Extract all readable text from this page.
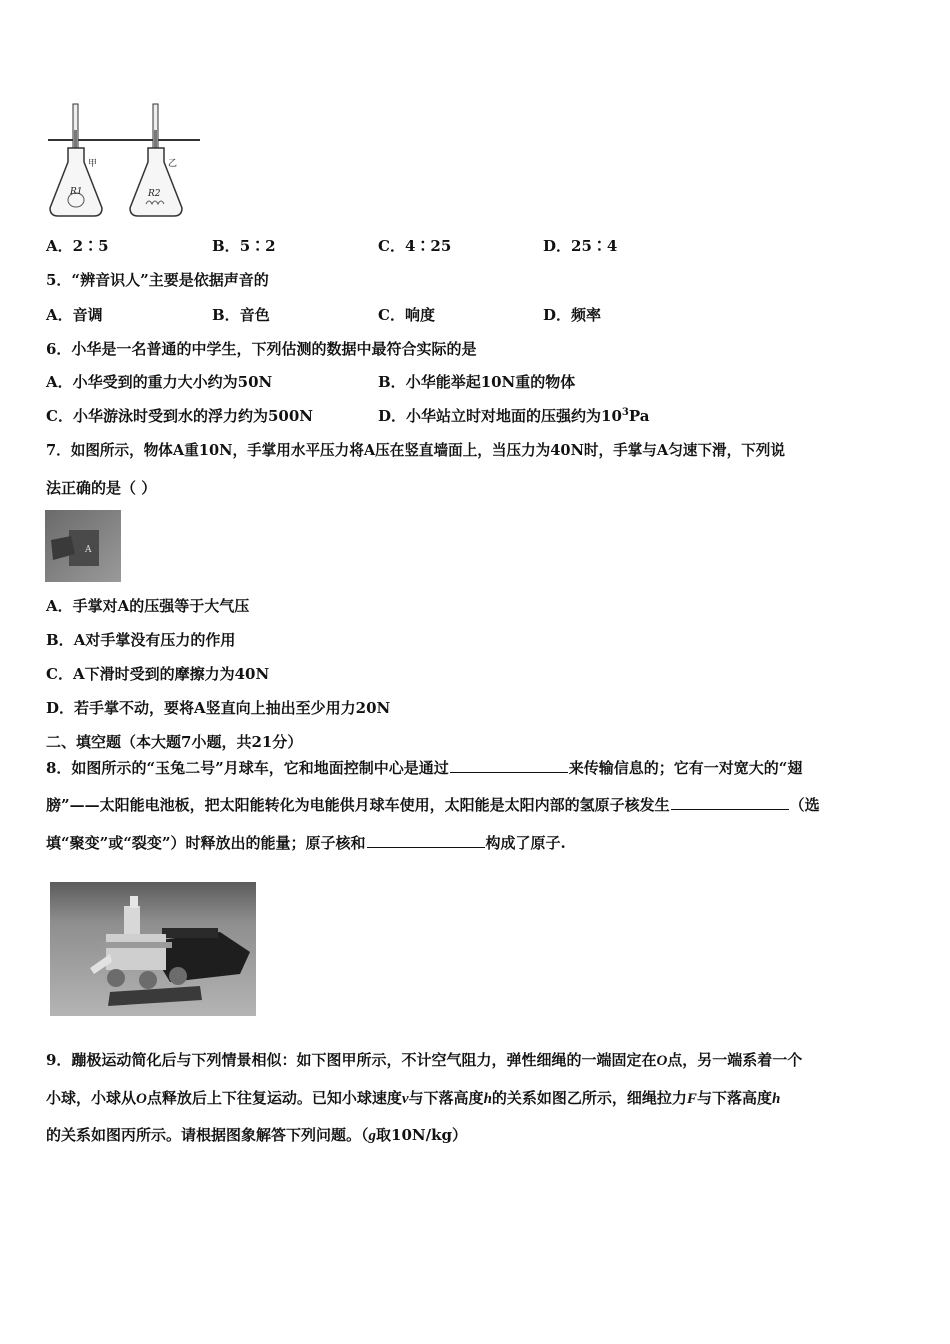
R1
甲
R2
乙
A．2∶5	B．5∶2	C．4∶25	D．25∶4
5．“辨音识人”主要是依据声音的
A．音调	B．音色	C．响度	D．频率
6．小华是一名普通的中学生，下列估测的数据中最符合实际的是
A．小华受到的重力大小约为50N	B．小华能举起10N重的物体
C．小华游泳时受到水的浮力约为500N	D．小华站立时对地面的压强约为$10^3Pa$
7．如图所示，物体A重10N，手掌用水平压力将A压在竖直墙面上，当压力为40N时，手掌与A匀速下滑，下列说
法正确的是（ ）
A
A．手掌对A的压强等于大气压
B．A对手掌没有压力的作用
C．A下滑时受到的摩擦力为40N
D．若手掌不动，要将A竖直向上抽出至少用力20N
二、填空题（本大题7小题，共21分）
8．如图所示的“玉兔二号”月球车，它和地面控制中心是通过	来传输信息的；它有一对宽大的“翅
膀”——太阳能电池板，把太阳能转化为电能供月球车使用，太阳能是太阳内部的氢原子核发生	（选
填“聚变”或“裂变”）时释放出的能量；原子核和	构成了原子.
9．蹦极运动简化后与下列情景相似：如下图甲所示，不计空气阻力，弹性细绳的一端固定在O点，另一端系着一个
小球，小球从O点释放后上下往复运动。已知小球速度v与下落高度h的关系如图乙所示，细绳拉力F与下落高度h
的关系如图丙所示。请根据图象解答下列问题。（g取10N/kg）
